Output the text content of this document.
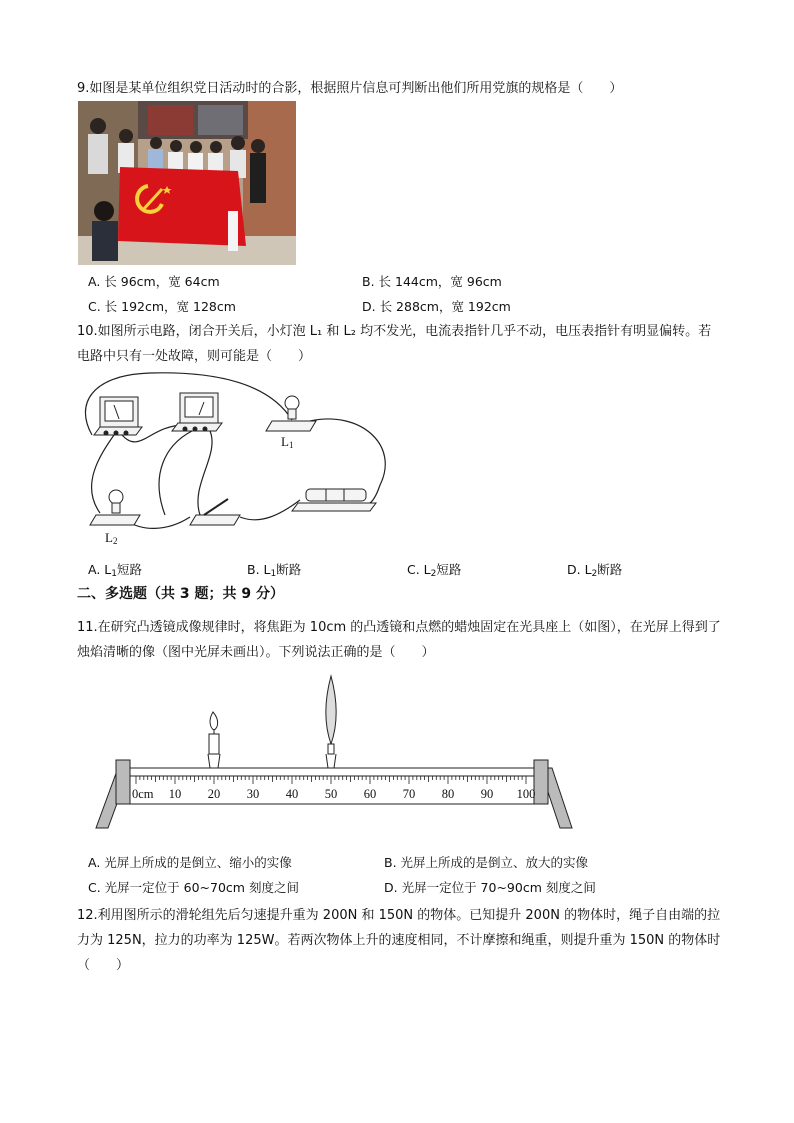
9.如图是某单位组织党日活动时的合影，根据照片信息可判断出他们所用党旗的规格是（　　）

A. 长 96cm，宽 64cm	B. 长 144cm，宽 96cm
C. 长 192cm，宽 128cm	D. 长 288cm，宽 192cm

10.如图所示电路，闭合开关后，小灯泡 L₁ 和 L₂ 均不发光，电流表指针几乎不动，电压表指针有明显偏转。若电路中只有一处故障，则可能是（　　）

$L_1$
$L_2$
A. $L_1$短路	B. $L_1$断路	C. $L_2$短路	D. $L_2$断路
二、多选题（共 3 题；共 9 分）

11.在研究凸透镜成像规律时，将焦距为 10cm 的凸透镜和点燃的蜡烛固定在光具座上（如图），在光屏上得到了烛焰清晰的像（图中光屏未画出）。下列说法正确的是（　　）

0cm 10 20 30 40 50 60 70 80 90 100
A. 光屏上所成的是倒立、缩小的实像	B. 光屏上所成的是倒立、放大的实像
C. 光屏一定位于 60~70cm 刻度之间	D. 光屏一定位于 70~90cm 刻度之间

12.利用图所示的滑轮组先后匀速提升重为 200N 和 150N 的物体。已知提升 200N 的物体时，绳子自由端的拉力为 125N，拉力的功率为 125W。若两次物体上升的速度相同，不计摩擦和绳重，则提升重为 150N 的物体时（　　）
